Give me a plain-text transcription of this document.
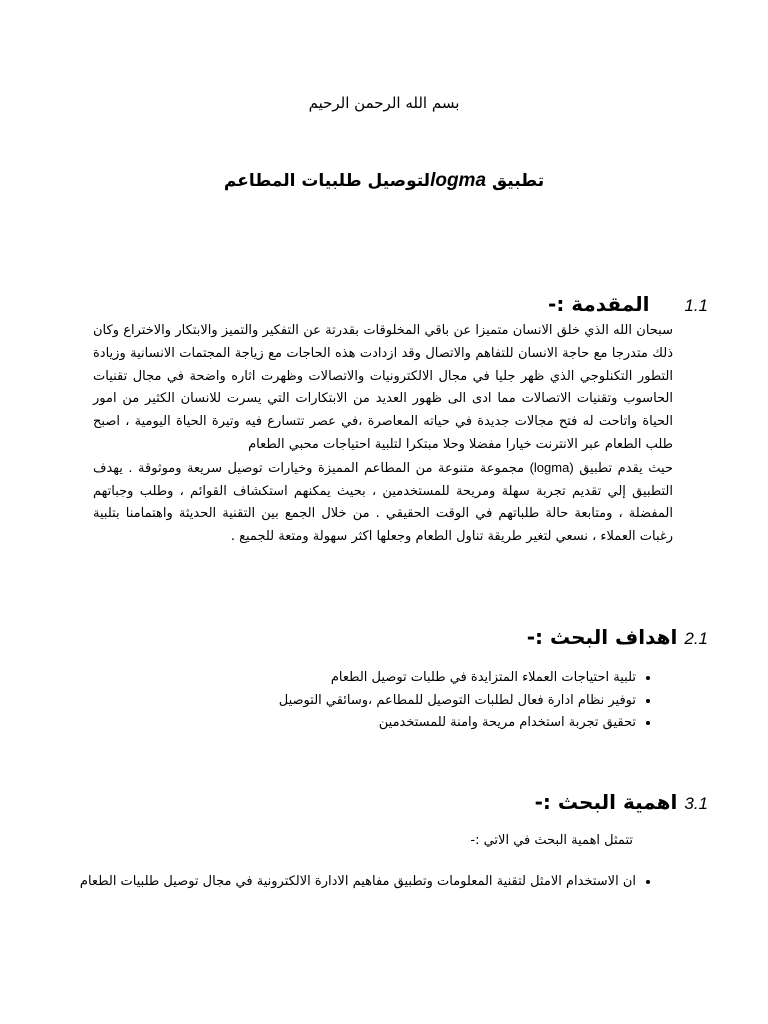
بسم الله الرحمن الرحيم
تطبيق logmaلتوصيل طلبيات المطاعم
1.1     المقدمة :-
سبحان الله الذي خلق الانسان متميزا عن باقي المخلوقات بقدرتة عن التفكير والتميز والابتكار والاختراع وكان ذلك متدرجا مع حاجة الانسان للتفاهم والاتصال وقد ازدادت هذه الحاجات مع زياجة المجتمات الانسانية وزيادة التطور التكنلوجي الذي ظهر جليا في مجال الالكترونيات والاتصالات وظهرت اثاره واضحة في مجال تقنيات الحاسوب وتقنيات الاتصالات مما ادى الى ظهور العديد من الابتكارات التي يسرت للانسان الكثير من امور الحياة واتاحت له فتح مجالات جديدة في حياته المعاصرة ،في عصر تتسارع فيه وتيرة الحياة اليومية ، اصبح طلب الطعام عبر الانترنت خيارا مفضلا وحلا مبتكرا لتلبية احتياجات محبي الطعام
حيث يقدم تطبيق (logma) مجموعة متنوعة من المطاعم المميزة وخيارات توصيل سريعة وموثوقة . يهدف التطبيق إلي تقديم تجربة سهلة ومريحة للمستخدمين ، بحيث يمكنهم استكشاف القوائم ، وطلب وجباتهم المفضلة ، ومتابعة حالة طلباتهم في الوقت الحقيقي . من خلال الجمع بين التقنية الحديثة واهتمامنا بتلبية رغبات العملاء ، نسعي لتغير طريقة تناول الطعام وجعلها اكثر سهولة ومتعة للجميع .
2.1 اهداف البحث :-
• تلبية احتياجات العملاء المتزايدة في طلبات توصيل الطعام
• توفير نظام ادارة فعال لطلبات التوصيل للمطاعم ،وسائقي التوصيل
• تحقيق تجربة استخدام مريحة وامنة للمستخدمين
3.1 اهمية البحث :-
تتمثل اهمية البحث في الاتي :-
• ان الاستخدام الامثل لتقنية المعلومات وتطبيق مفاهيم الادارة الالكترونية في مجال توصيل طلبيات الطعام
